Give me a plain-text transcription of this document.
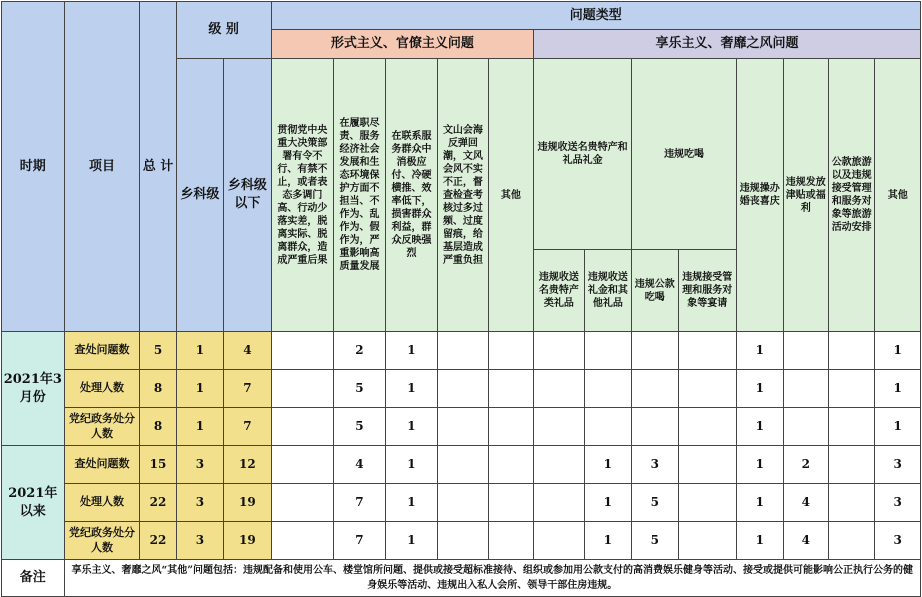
时期	项目	总 计	级 别		问题类型												
					形式主义、官僚主义问题					享乐主义、奢靡之风问题							
			乡科级	乡科级以下	贯彻党中央重大决策部署有令不行、有禁不止，或者表态多调门高、行动少落实差，脱离实际、脱离群众，造成严重后果	在履职尽责、服务经济社会发展和生态环境保护方面不担当、不作为、乱作为、假作为，严重影响高质量发展	在联系服务群众中消极应付、冷硬横推、效率低下，损害群众利益，群众反映强烈	文山会海反弹回潮，文风会风不实不正，督查检查考核过多过频、过度留痕，给基层造成严重负担	其他	违规收送名贵特产和礼品礼金		违规吃喝		违规操办婚丧喜庆	违规发放津贴或福利	公款旅游以及违规接受管理和服务对象等旅游活动安排	其他
										违规收送名贵特产类礼品	违规收送礼金和其他礼品	违规公款吃喝	违规接受管理和服务对象等宴请				
2021年3月份	查处问题数	5	1	4		2	1							1			1
	处理人数	8	1	7		5	1							1			1
	党纪政务处分人数	8	1	7		5	1							1			1
2021年以来	查处问题数	15	3	12		4	1				1	3		1	2		3
	处理人数	22	3	19		7	1				1	5		1	4		3
	党纪政务处分人数	22	3	19		7	1				1	5		1	4		3
备注	享乐主义、奢靡之风“其他”问题包括：违规配备和使用公车、楼堂馆所问题、提供或接受超标准接待、组织或参加用公款支付的高消费娱乐健身等活动、接受或提供可能影响公正执行公务的健身娱乐等活动、违规出入私人会所、领导干部住房违规。																
